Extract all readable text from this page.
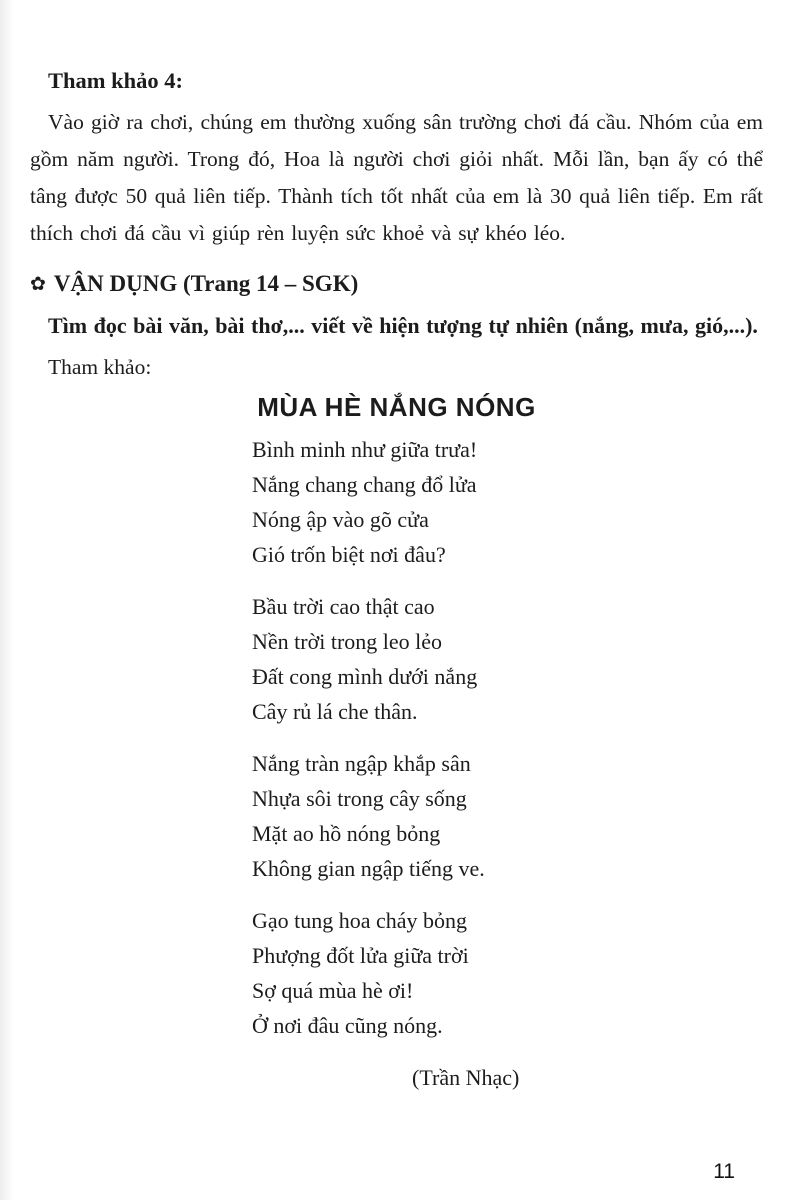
Tham khảo 4:

Vào giờ ra chơi, chúng em thường xuống sân trường chơi đá cầu. Nhóm của em gồm năm người. Trong đó, Hoa là người chơi giỏi nhất. Mỗi lần, bạn ấy có thể tâng được 50 quả liên tiếp. Thành tích tốt nhất của em là 30 quả liên tiếp. Em rất thích chơi đá cầu vì giúp rèn luyện sức khoẻ và sự khéo léo.

✿ VẬN DỤNG (Trang 14 – SGK)

Tìm đọc bài văn, bài thơ,... viết về hiện tượng tự nhiên (nắng, mưa, gió,...).

Tham khảo:
MÙA HÈ NẮNG NÓNG
Bình minh như giữa trưa!
Nắng chang chang đổ lửa
Nóng ập vào gõ cửa
Gió trốn biệt nơi đâu?
Bầu trời cao thật cao
Nền trời trong leo lẻo
Đất cong mình dưới nắng
Cây rủ lá che thân.
Nắng tràn ngập khắp sân
Nhựa sôi trong cây sống
Mặt ao hồ nóng bỏng
Không gian ngập tiếng ve.
Gạo tung hoa cháy bỏng
Phượng đốt lửa giữa trời
Sợ quá mùa hè ơi!
Ở nơi đâu cũng nóng.
(Trần Nhạc)
11
